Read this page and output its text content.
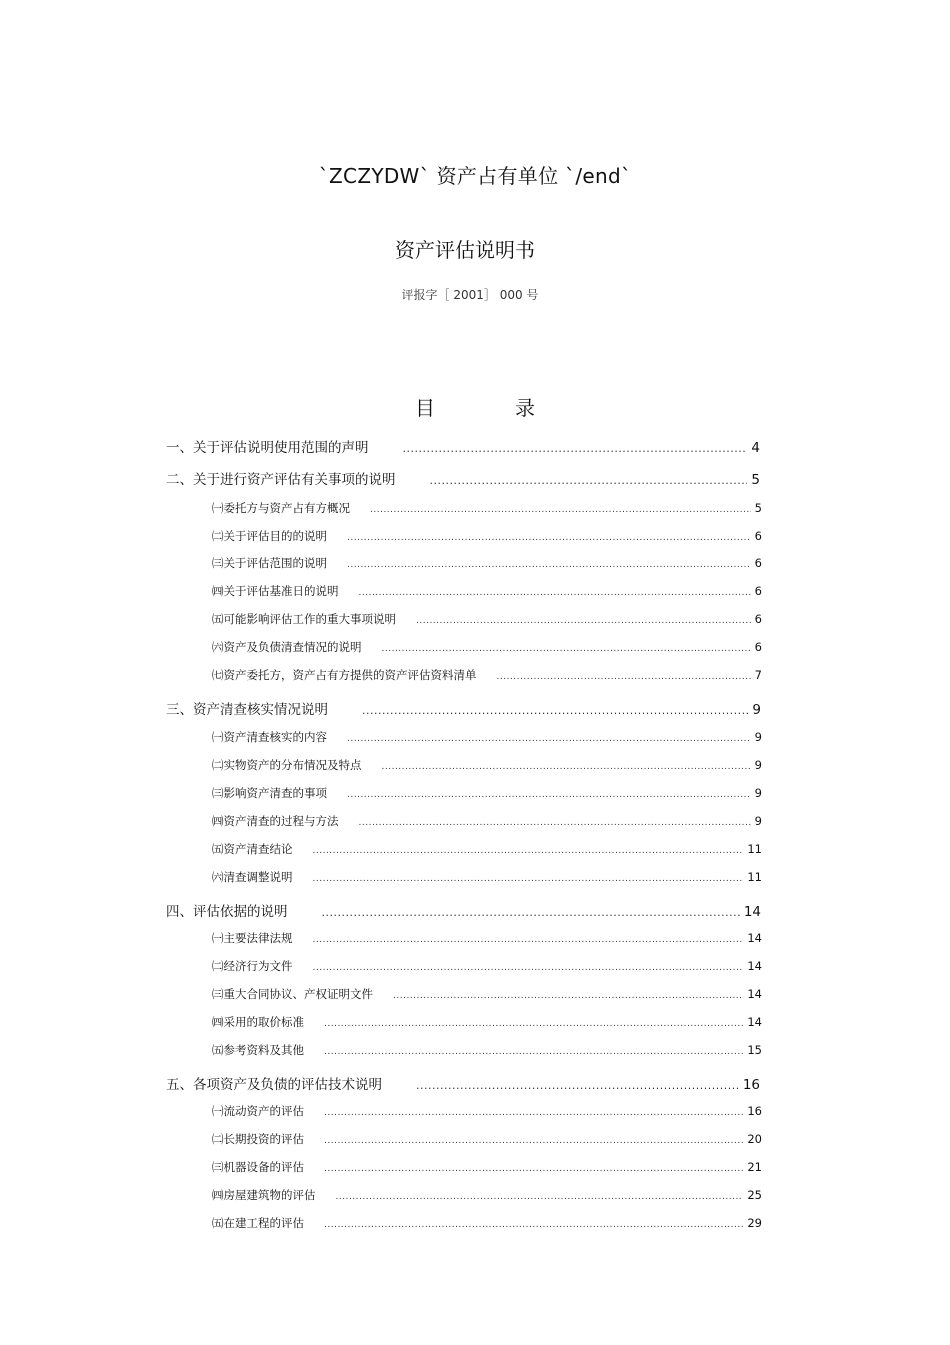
`ZCZYDW` 资产占有单位 `/end`
资产评估说明书
评报字［ 2001］ 000 号
目	录
一、关于评估说明使用范围的声明 .....	4
二、关于进行资产评估有关事项的说明 .....	5
㈠委托方与资产占有方概况 .....	5
㈡关于评估目的的说明 .....	6
㈢关于评估范围的说明 .....	6
㈣关于评估基准日的说明 .....	6
㈤可能影响评估工作的重大事项说明 .....	6
㈥资产及负债清查情况的说明 .....	6
㈦资产委托方，资产占有方提供的资产评估资料清单 .....	7
三、资产清查核实情况说明 .....	9
㈠资产清查核实的内容 .....	9
㈡实物资产的分布情况及特点 .....	9
㈢影响资产清查的事项 .....	9
㈣资产清查的过程与方法 .....	9
㈤资产清查结论 .....	11
㈥清查调整说明 .....	11
四、评估依据的说明 .....	14
㈠主要法律法规 .....	14
㈡经济行为文件 .....	14
㈢重大合同协议、产权证明文件 .....	14
㈣采用的取价标准 .....	14
㈤参考资料及其他 .....	15
五、各项资产及负债的评估技术说明 .....	16
㈠流动资产的评估 .....	16
㈡长期投资的评估 .....	20
㈢机器设备的评估 .....	21
㈣房屋建筑物的评估 .....	25
㈤在建工程的评估 .....	29
